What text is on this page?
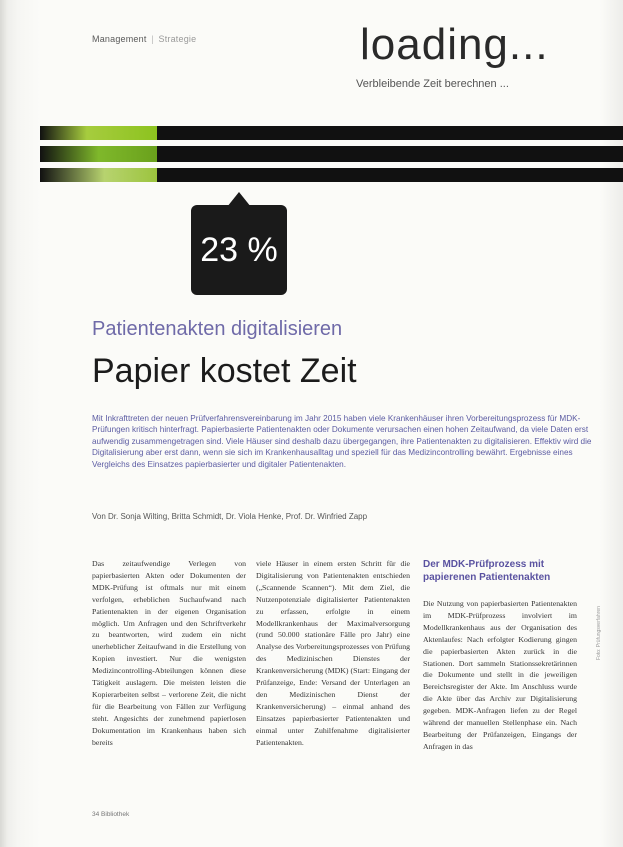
Management | Strategie	loading...
Verbleibende Zeit berechnen ...
23 %
Patientenakten digitalisieren
Papier kostet Zeit
Mit Inkrafttreten der neuen Prüfverfahrensvereinbarung im Jahr 2015 haben viele Krankenhäuser ihren Vorbereitungsprozess für MDK-Prüfungen kritisch hinterfragt. Papierbasierte Patientenakten oder Dokumente verursachen einen hohen Zeitaufwand, da viele Daten erst aufwendig zusammengetragen sind. Viele Häuser sind deshalb dazu übergegangen, ihre Patientenakten zu digitalisieren. Effektiv wird die Digitalisierung aber erst dann, wenn sie sich im Krankenhausalltag und speziell für das Medizincontrolling bewährt. Ergebnisse eines Vergleichs des Einsatzes papierbasierter und digitaler Patientenakten.
Von Dr. Sonja Wilting, Britta Schmidt, Dr. Viola Henke, Prof. Dr. Winfried Zapp
Das zeitaufwendige Verlegen von papierbasierten Akten oder Dokumenten der MDK-Prüfung ist oftmals nur mit einem verfolgen, erheblichen Suchaufwand nach Patientenakten in der eigenen Organisation möglich. Um Anfragen und den Schriftverkehr zu beantworten, wird zudem ein nicht unerheblicher Zeitaufwand in die Erstellung von Kopien investiert. Nur die wenigsten Medizincontrolling-Abteilungen können diese Tätigkeit auslagern. Die meisten leisten die Kopierarbeiten selbst – verlorene Zeit, die nicht für die Bearbeitung von Fällen zur Verfügung steht. Angesichts der zunehmend papierlosen Dokumentation im Krankenhaus haben sich bereits
viele Häuser in einem ersten Schritt für die Digitalisierung von Patientenakten entschieden („Scannende Scannen“). Mit dem Ziel, die Nutzenpotenziale digitalisierter Patientenakten zu erfassen, erfolgte in einem Modellkrankenhaus der Maximalversorgung (rund 50.000 stationäre Fälle pro Jahr) eine Analyse des Vorbereitungsprozesses von Prüfung des Medizinischen Dienstes der Krankenversicherung (MDK) (Start: Eingang der Prüfanzeige, Ende: Versand der Unterlagen an den Medizinischen Dienst der Krankenversicherung) – einmal anhand des Einsatzes papierbasierter Patientenakten und einmal unter Zuhilfenahme digitalisierter Patientenakten.
Der MDK-Prüfprozess mit papierenen Patientenakten
Die Nutzung von papierbasierten Patientenakten im MDK-Prüfprozess involviert im Modellkrankenhaus aus der Organisation des Aktenlaufes: Nach erfolgter Kodierung gingen die papierbasierten Akten zurück in die Stationen. Dort sammeln Stationssekretärinnen die Dokumente und stellt in die jeweiligen Bereichsregister der Akte. Im Anschluss wurde die Akte über das Archiv zur Digitalisierung gegeben. MDK-Anfragen liefen zu der Regel während der manuellen Stellenphase ein. Nach Bearbeitung der Prüfanzeigen, Eingangs der Anfragen in das
34 Bibliothek
Foto: Prüfungsverfahren
